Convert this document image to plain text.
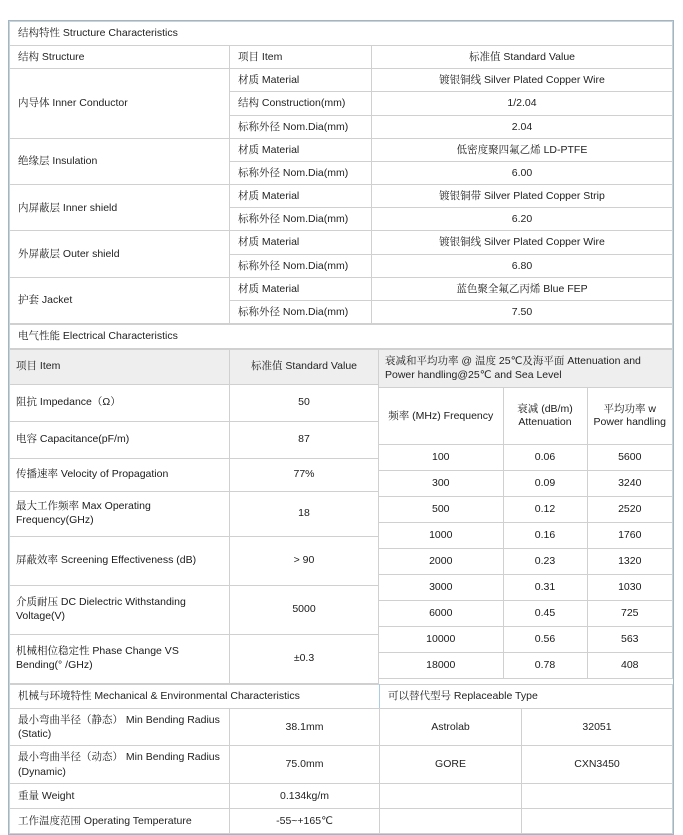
结构特性 Structure Characteristics		
结构 Structure	项目 Item	标准值 Standard Value
内导体 Inner Conductor	材质 Material	镀银铜线 Silver Plated Copper Wire
	结构 Construction(mm)	1/2.04
	标称外径 Nom.Dia(mm)	2.04
绝缘层 Insulation	材质 Material	低密度聚四氟乙烯 LD-PTFE
	标称外径 Nom.Dia(mm)	6.00
内屏蔽层 Inner shield	材质 Material	镀银铜带 Silver Plated Copper Strip
	标称外径 Nom.Dia(mm)	6.20
外屏蔽层 Outer shield	材质 Material	镀银铜线 Silver Plated Copper Wire
	标称外径 Nom.Dia(mm)	6.80
护套 Jacket	材质 Material	蓝色聚全氟乙丙烯 Blue FEP
	标称外径 Nom.Dia(mm)	7.50
电气性能 Electrical Characteristics
项目 Item	标准值 Standard Value

阻抗 Impedance（Ω）	50

电容 Capacitance(pF/m)	87

传播速率 Velocity of Propagation	77%

最大工作频率 Max Operating Frequency(GHz)	18

屏蔽效率 Screening Effectiveness (dB)	> 90

介质耐压 DC Dielectric Withstanding Voltage(V)	5000

机械相位稳定性 Phase Change VS Bending(° /GHz)	±0.3
衰减和平均功率 @ 温度 25℃及海平面 Attenuation and Power handling@25℃ and Sea Level		

频率 (MHz) Frequency	衰减 (dB/m) Attenuation	平均功率 w Power handling

100	0.06	5600
300	0.09	3240
500	0.12	2520
1000	0.16	1760
2000	0.23	1320
3000	0.31	1030
6000	0.45	725
10000	0.56	563
18000	0.78	408
机械与环境特性 Mechanical & Environmental Characteristics		可以替代型号 Replaceable Type	

最小弯曲半径（静态） Min Bending Radius (Static)	38.1mm	Astrolab	32051

最小弯曲半径（动态） Min Bending Radius (Dynamic)	75.0mm	GORE	CXN3450

重量 Weight	0.134kg/m		

工作温度范围 Operating Temperature	-55~+165℃		
